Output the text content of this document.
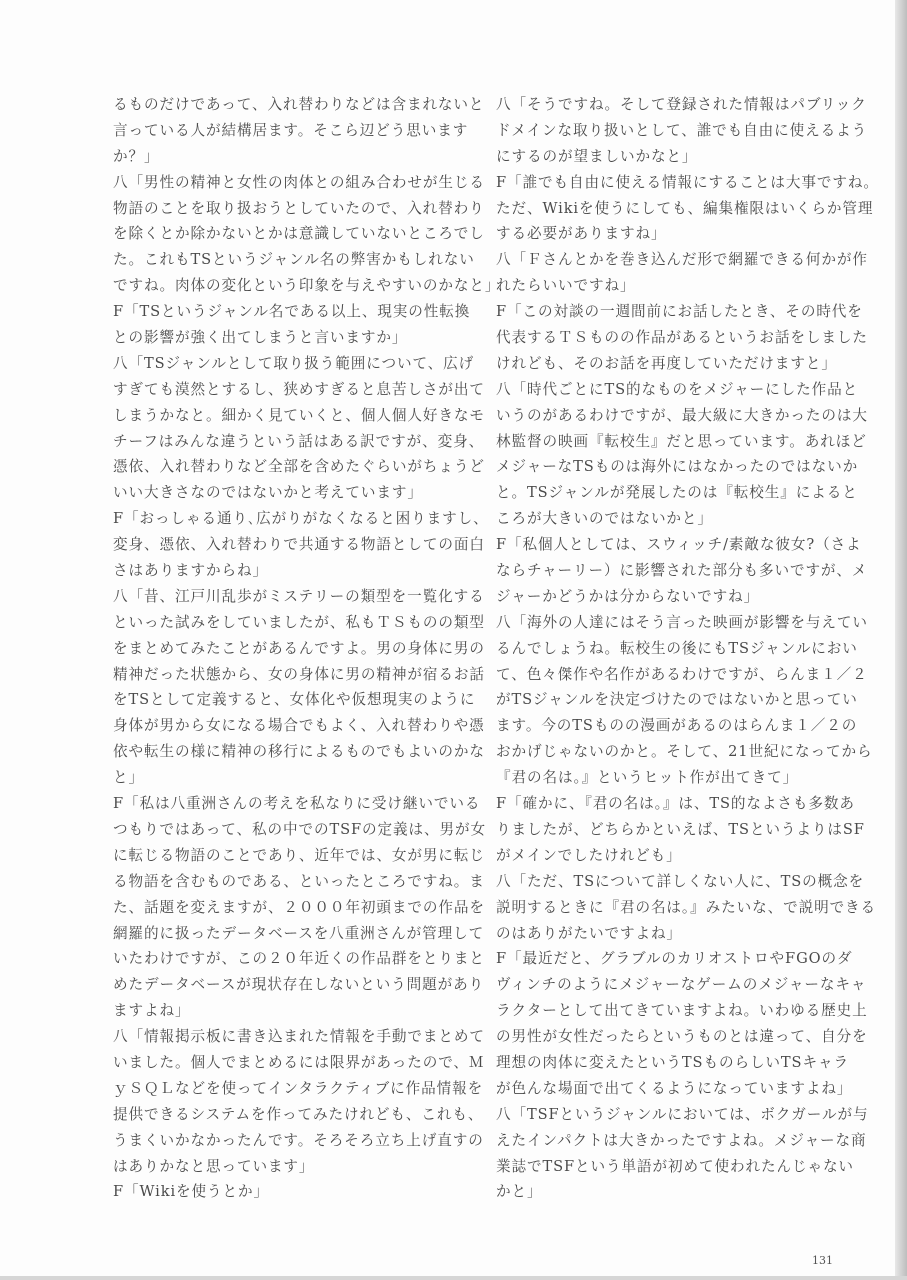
るものだけであって、入れ替わりなどは含まれないと
言っている人が結構居ます。そこら辺どう思います
か？」
八「男性の精神と女性の肉体との組み合わせが生じる
物語のことを取り扱おうとしていたので、入れ替わり
を除くとか除かないとかは意識していないところでし
た。これもTSというジャンル名の弊害かもしれない
ですね。肉体の変化という印象を与えやすいのかなと」
F「TSというジャンル名である以上、現実の性転換
との影響が強く出てしまうと言いますか」
八「TSジャンルとして取り扱う範囲について、広げ
すぎても漠然とするし、狭めすぎると息苦しさが出て
しまうかなと。細かく見ていくと、個人個人好きなモ
チーフはみんな違うという話はある訳ですが、変身、
憑依、入れ替わりなど全部を含めたぐらいがちょうど
いい大きさなのではないかと考えています」
F「おっしゃる通り､広がりがなくなると困りますし、
変身、憑依、入れ替わりで共通する物語としての面白
さはありますからね」
八「昔、江戸川乱歩がミステリーの類型を一覧化する
といった試みをしていましたが、私もＴＳものの類型
をまとめてみたことがあるんですよ。男の身体に男の
精神だった状態から、女の身体に男の精神が宿るお話
をTSとして定義すると、女体化や仮想現実のように
身体が男から女になる場合でもよく、入れ替わりや憑
依や転生の様に精神の移行によるものでもよいのかな
と」
F「私は八重洲さんの考えを私なりに受け継いでいる
つもりではあって、私の中でのTSFの定義は、男が女
に転じる物語のことであり、近年では、女が男に転じ
る物語を含むものである、といったところですね。ま
た、話題を変えますが、２０００年初頭までの作品を
網羅的に扱ったデータベースを八重洲さんが管理して
いたわけですが、この２０年近くの作品群をとりまと
めたデータベースが現状存在しないという問題があり
ますよね」
八「情報掲示板に書き込まれた情報を手動でまとめて
いました。個人でまとめるには限界があったので、Ｍ
ｙＳＱＬなどを使ってインタラクティブに作品情報を
提供できるシステムを作ってみたけれども、これも、
うまくいかなかったんです。そろそろ立ち上げ直すの
はありかなと思っています」
F「Wikiを使うとか」
八「そうですね。そして登録された情報はパブリック
ドメインな取り扱いとして、誰でも自由に使えるよう
にするのが望ましいかなと」
F「誰でも自由に使える情報にすることは大事ですね。
ただ、Wikiを使うにしても、編集権限はいくらか管理
する必要がありますね」
八「Ｆさんとかを巻き込んだ形で網羅できる何かが作
れたらいいですね」
F「この対談の一週間前にお話したとき、その時代を
代表するＴＳものの作品があるというお話をしました
けれども、そのお話を再度していただけますと」
八「時代ごとにTS的なものをメジャーにした作品と
いうのがあるわけですが、最大級に大きかったのは大
林監督の映画『転校生』だと思っています。あれほど
メジャーなTSものは海外にはなかったのではないか
と。TSジャンルが発展したのは『転校生』によると
ころが大きいのではないかと」
F「私個人としては、スウィッチ/素敵な彼女?（さよ
ならチャーリー）に影響された部分も多いですが、メ
ジャーかどうかは分からないですね」
八「海外の人達にはそう言った映画が影響を与えてい
るんでしょうね。転校生の後にもTSジャンルにおい
て、色々傑作や名作があるわけですが、らんま１／２
がTSジャンルを決定づけたのではないかと思ってい
ます。今のTSものの漫画があるのはらんま１／２の
おかげじゃないのかと。そして、21世紀になってから
『君の名は。』というヒット作が出てきて」
F「確かに、『君の名は。』は、TS的なよさも多数あ
りましたが、どちらかといえば、TSというよりはSF
がメインでしたけれども」
八「ただ、TSについて詳しくない人に、TSの概念を
説明するときに『君の名は。』みたいな、で説明できる
のはありがたいですよね」
F「最近だと、グラブルのカリオストロやFGOのダ
ヴィンチのようにメジャーなゲームのメジャーなキャ
ラクターとして出てきていますよね。いわゆる歴史上
の男性が女性だったらというものとは違って、自分を
理想の肉体に変えたというTSものらしいTSキャラ
が色んな場面で出てくるようになっていますよね」
八「TSFというジャンルにおいては、ボクガールが与
えたインパクトは大きかったですよね。メジャーな商
業誌でTSFという単語が初めて使われたんじゃない
かと」
131
